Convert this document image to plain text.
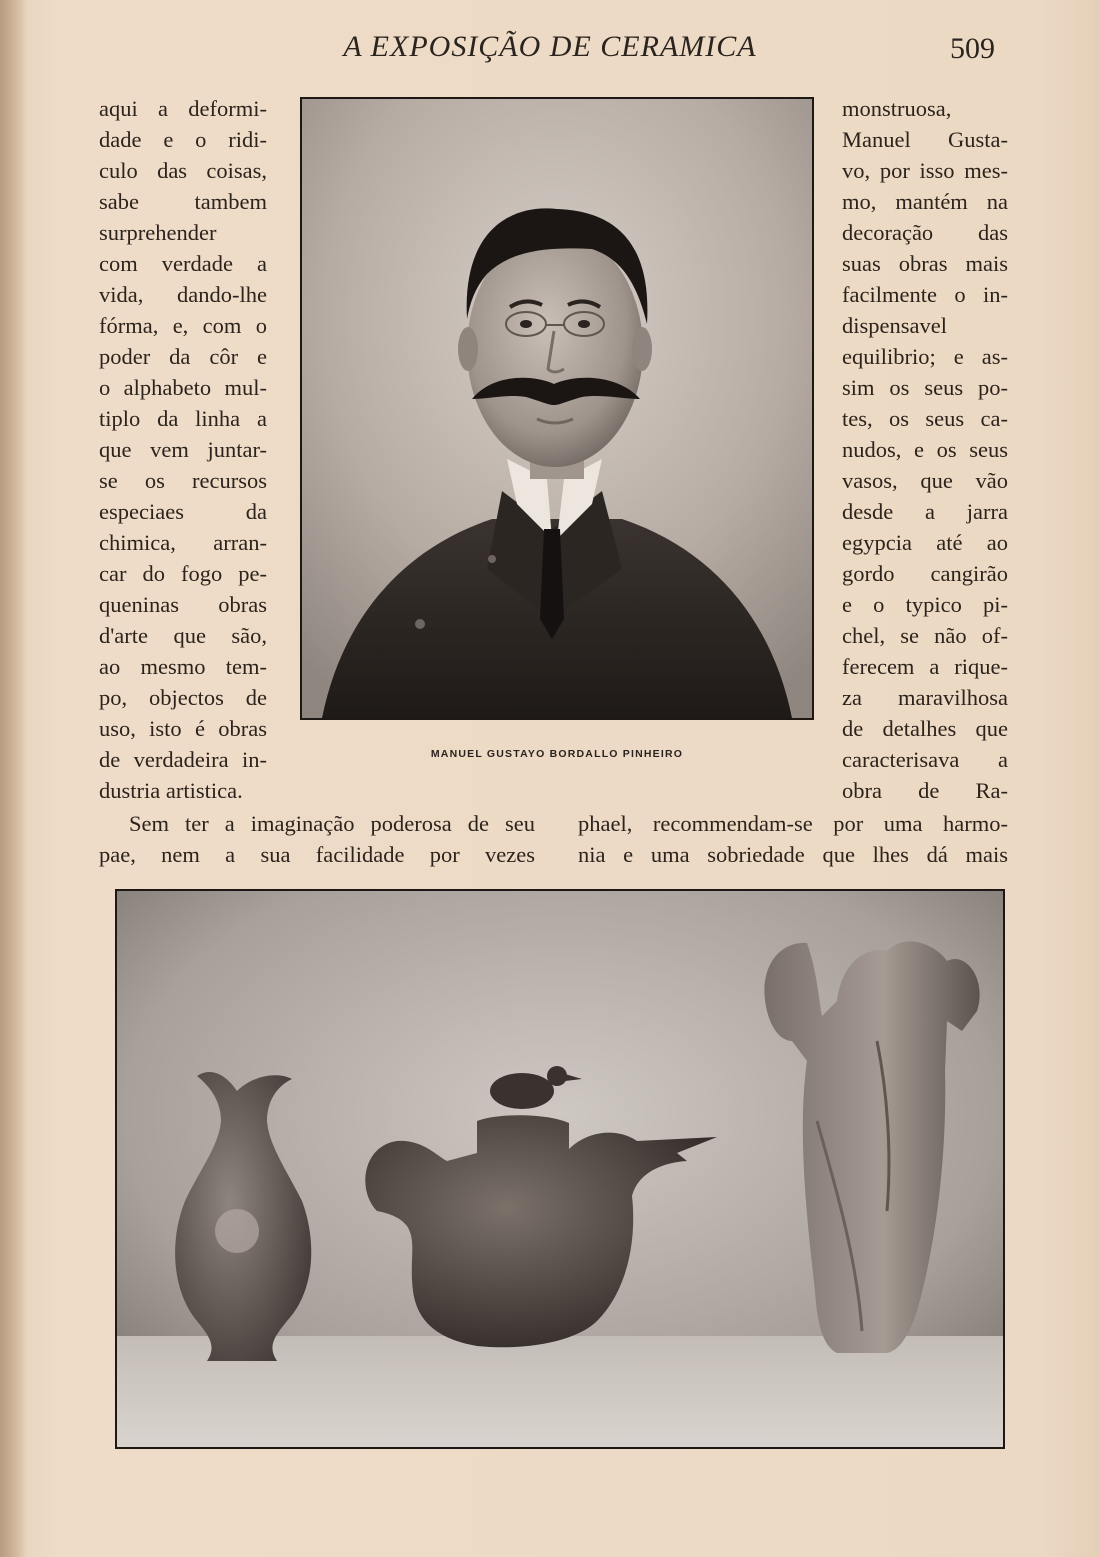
A EXPOSIÇÃO DE CERAMICA	509
aqui a deformi-
dade e o ridi-
culo das coisas,
sabe tambem
surprehender
com verdade a
vida, dando-lhe
fórma, e, com o
poder da côr e
o alphabeto mul-
tiplo da linha a
que vem juntar-
se os recursos
especiaes da
chimica, arran-
car do fogo pe-
queninas obras
d'arte que são,
ao mesmo tem-
po, objectos de
uso, isto é obras
de verdadeira in-
dustria artistica.
MANUEL GUSTAYO BORDALLO PINHEIRO
monstruosa,
Manuel Gusta-
vo, por isso mes-
mo, mantém na
decoração das
suas obras mais
facilmente o in-
dispensavel
equilibrio; e as-
sim os seus po-
tes, os seus ca-
nudos, e os seus
vasos, que vão
desde a jarra
egypcia até ao
gordo cangirão
e o typico pi-
chel, se não of-
ferecem a rique-
za maravilhosa
de detalhes que
caracterisava a
obra de Ra-
Sem ter a imaginação poderosa de seu
pae, nem a sua facilidade por vezes
phael, recommendam-se por uma harmo-
nia e uma sobriedade que lhes dá mais
